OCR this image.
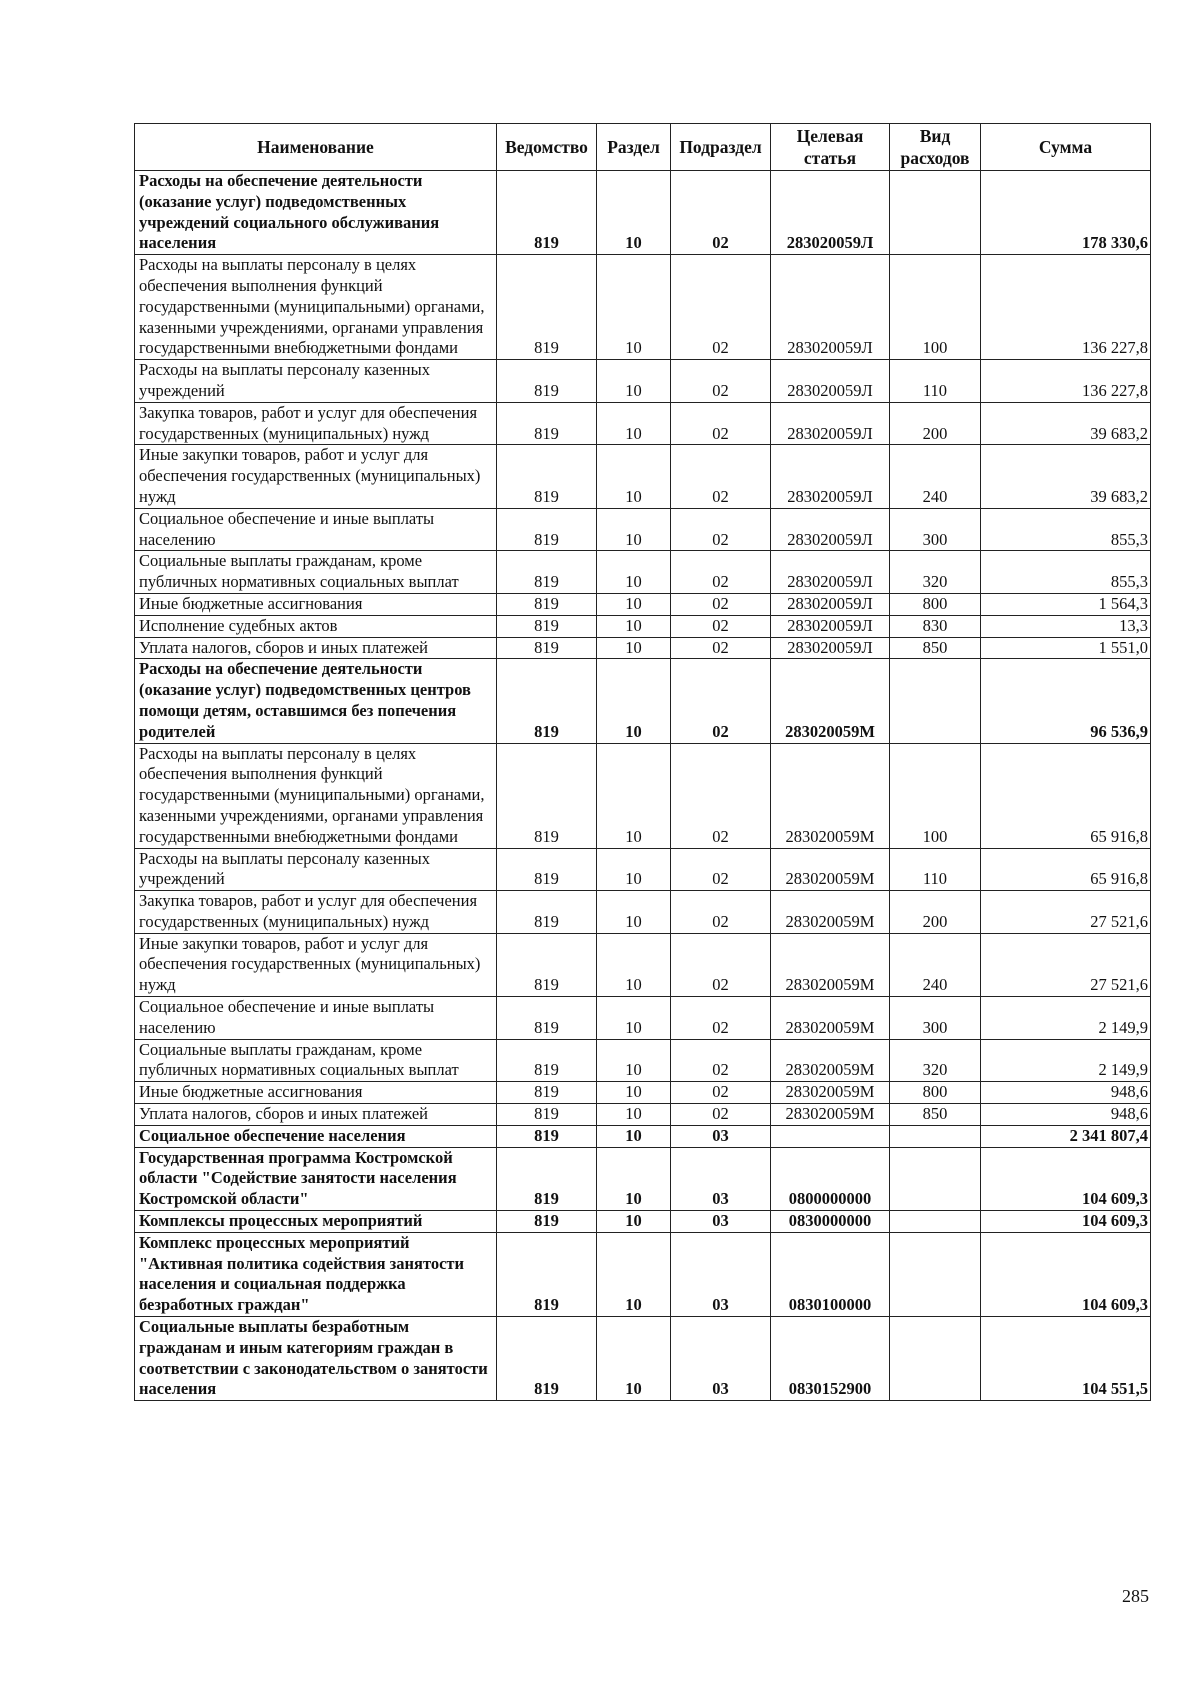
Наименование	Ведомство	Раздел	Подраздел	Целевая статья	Вид расходов	Сумма
Расходы на обеспечение деятельности (оказание услуг) подведомственных учреждений социального обслуживания населения	819	10	02	283020059Л		178 330,6
Расходы на выплаты персоналу в целях обеспечения выполнения функций государственными (муниципальными) органами, казенными учреждениями, органами управления государственными внебюджетными фондами	819	10	02	283020059Л	100	136 227,8
Расходы на выплаты персоналу казенных учреждений	819	10	02	283020059Л	110	136 227,8
Закупка товаров, работ и услуг для обеспечения государственных (муниципальных) нужд	819	10	02	283020059Л	200	39 683,2
Иные закупки товаров, работ и услуг для обеспечения государственных (муниципальных) нужд	819	10	02	283020059Л	240	39 683,2
Социальное обеспечение и иные выплаты населению	819	10	02	283020059Л	300	855,3
Социальные выплаты гражданам, кроме публичных нормативных социальных выплат	819	10	02	283020059Л	320	855,3
Иные бюджетные ассигнования	819	10	02	283020059Л	800	1 564,3
Исполнение судебных актов	819	10	02	283020059Л	830	13,3
Уплата налогов, сборов и иных платежей	819	10	02	283020059Л	850	1 551,0
Расходы на обеспечение деятельности (оказание услуг) подведомственных центров помощи детям, оставшимся без попечения родителей	819	10	02	283020059М		96 536,9
Расходы на выплаты персоналу в целях обеспечения выполнения функций государственными (муниципальными) органами, казенными учреждениями, органами управления государственными внебюджетными фондами	819	10	02	283020059М	100	65 916,8
Расходы на выплаты персоналу казенных учреждений	819	10	02	283020059М	110	65 916,8
Закупка товаров, работ и услуг для обеспечения государственных (муниципальных) нужд	819	10	02	283020059М	200	27 521,6
Иные закупки товаров, работ и услуг для обеспечения государственных (муниципальных) нужд	819	10	02	283020059М	240	27 521,6
Социальное обеспечение и иные выплаты населению	819	10	02	283020059М	300	2 149,9
Социальные выплаты гражданам, кроме публичных нормативных социальных выплат	819	10	02	283020059М	320	2 149,9
Иные бюджетные ассигнования	819	10	02	283020059М	800	948,6
Уплата налогов, сборов и иных платежей	819	10	02	283020059М	850	948,6
Социальное обеспечение населения	819	10	03			2 341 807,4
Государственная программа Костромской области "Содействие занятости населения Костромской области"	819	10	03	0800000000		104 609,3
Комплексы процессных мероприятий	819	10	03	0830000000		104 609,3
Комплекс процессных мероприятий "Активная политика содействия занятости населения и социальная поддержка безработных граждан"	819	10	03	0830100000		104 609,3
Социальные выплаты безработным гражданам и иным категориям граждан в соответствии с законодательством о занятости населения	819	10	03	0830152900		104 551,5
285
